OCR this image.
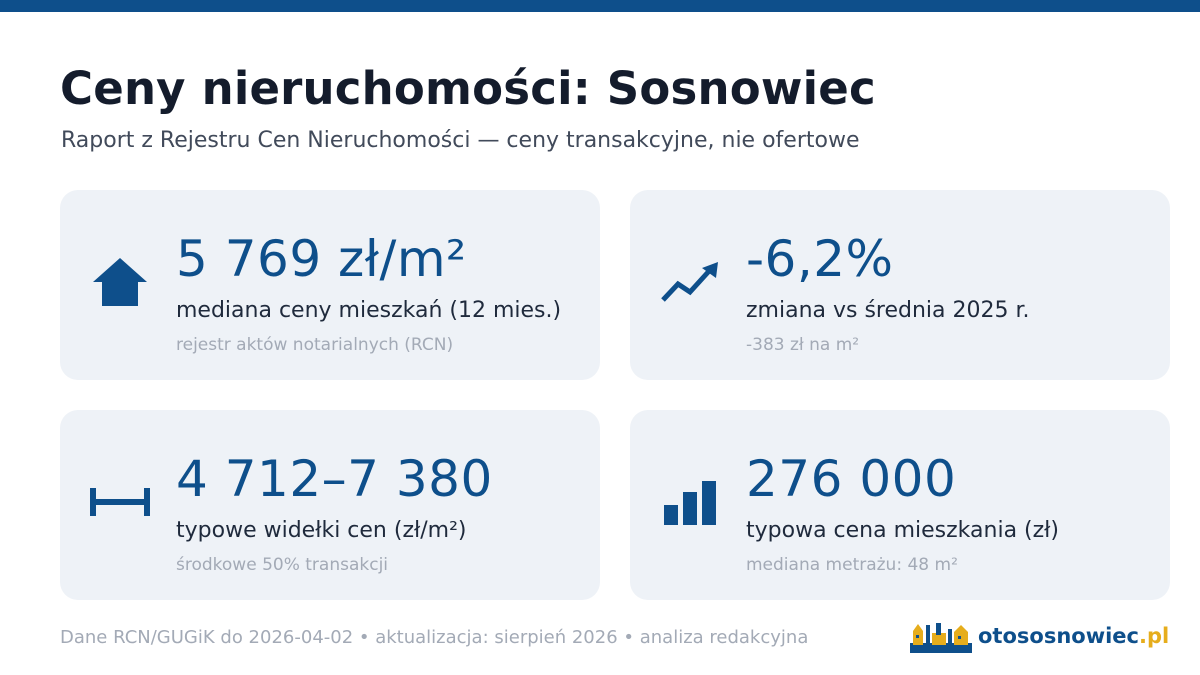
Ceny nieruchomości: Sosnowiec
Raport z Rejestru Cen Nieruchomości — ceny transakcyjne, nie ofertowe
5 769 zł/m²
mediana ceny mieszkań (12 mies.)
rejestr aktów notarialnych (RCN)
-6,2%
zmiana vs średnia 2025 r.
-383 zł na m²
4 712–7 380
typowe widełki cen (zł/m²)
środkowe 50% transakcji
276 000
typowa cena mieszkania (zł)
mediana metrażu: 48 m²
Dane RCN/GUGiK do 2026-04-02 • aktualizacja: sierpień 2026 • analiza redakcyjna	otososnowiec.pl
